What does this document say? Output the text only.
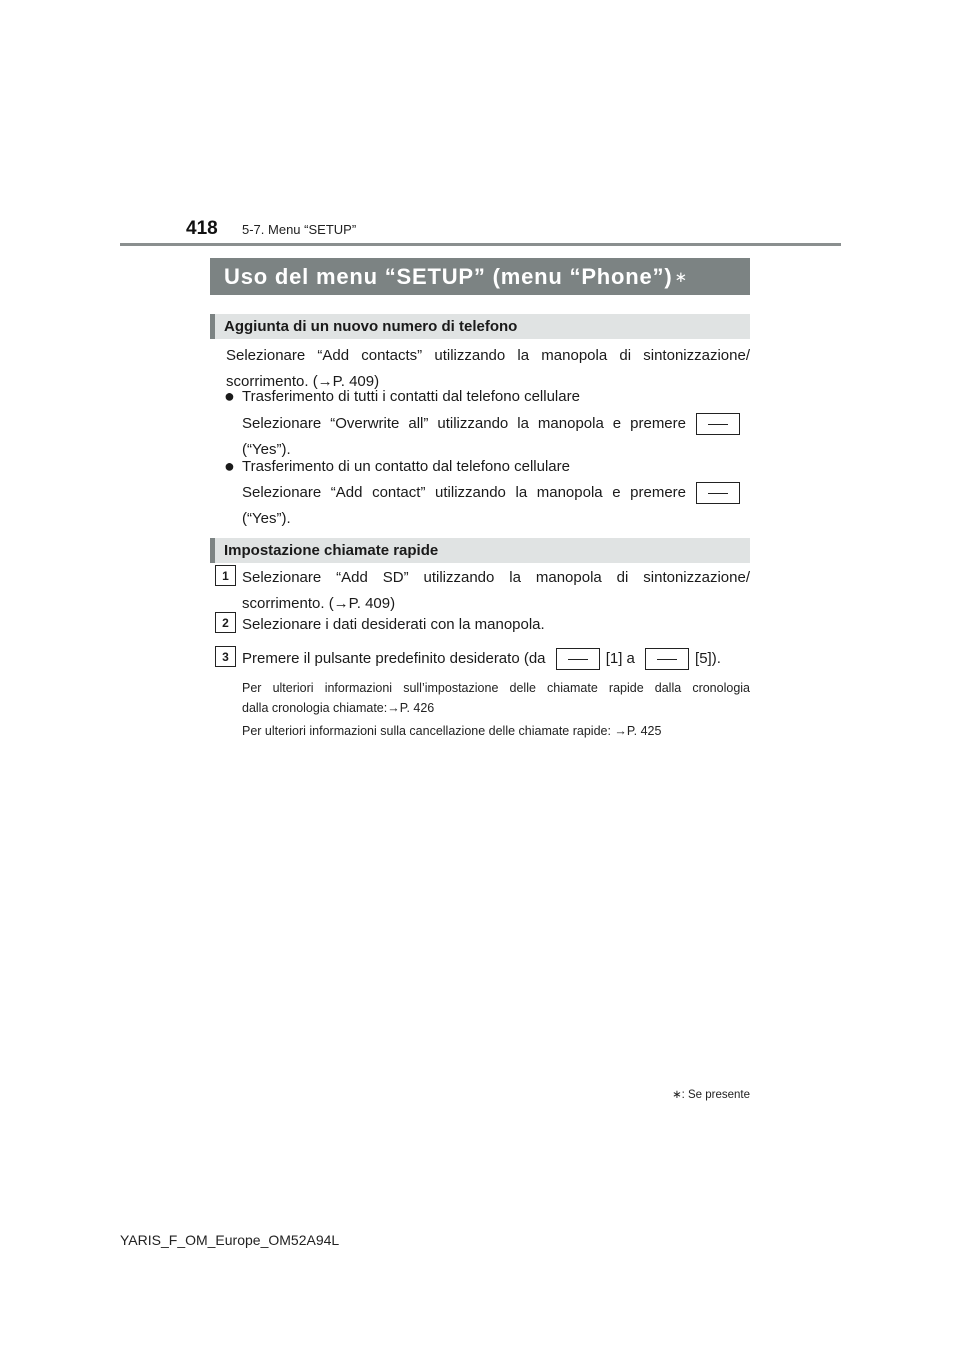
418 5-7. Menu “SETUP”
Uso del menu “SETUP” (menu “Phone”) ∗
Aggiunta di un nuovo numero di telefono
Selezionare “Add contacts” utilizzando la manopola di sintonizzazione/
scorrimento. (→P. 409)
● Trasferimento di tutti i contatti dal telefono cellulare
Selezionare “Overwrite all” utilizzando la manopola e premere
(“Yes”).
● Trasferimento di un contatto dal telefono cellulare
Selezionare “Add contact” utilizzando la manopola e premere
(“Yes”).
Impostazione chiamate rapide
1 Selezionare “Add SD” utilizzando la manopola di sintonizzazione/
scorrimento. (→P. 409)
2 Selezionare i dati desiderati con la manopola.
3 Premere il pulsante predefinito desiderato (da	[1] a	[5]).
Per ulteriori informazioni sull’impostazione delle chiamate rapide dalla cronologia
dalla cronologia chiamate:→P. 426
Per ulteriori informazioni sulla cancellazione delle chiamate rapide: →P. 425
∗: Se presente
YARIS_F_OM_Europe_OM52A94L
